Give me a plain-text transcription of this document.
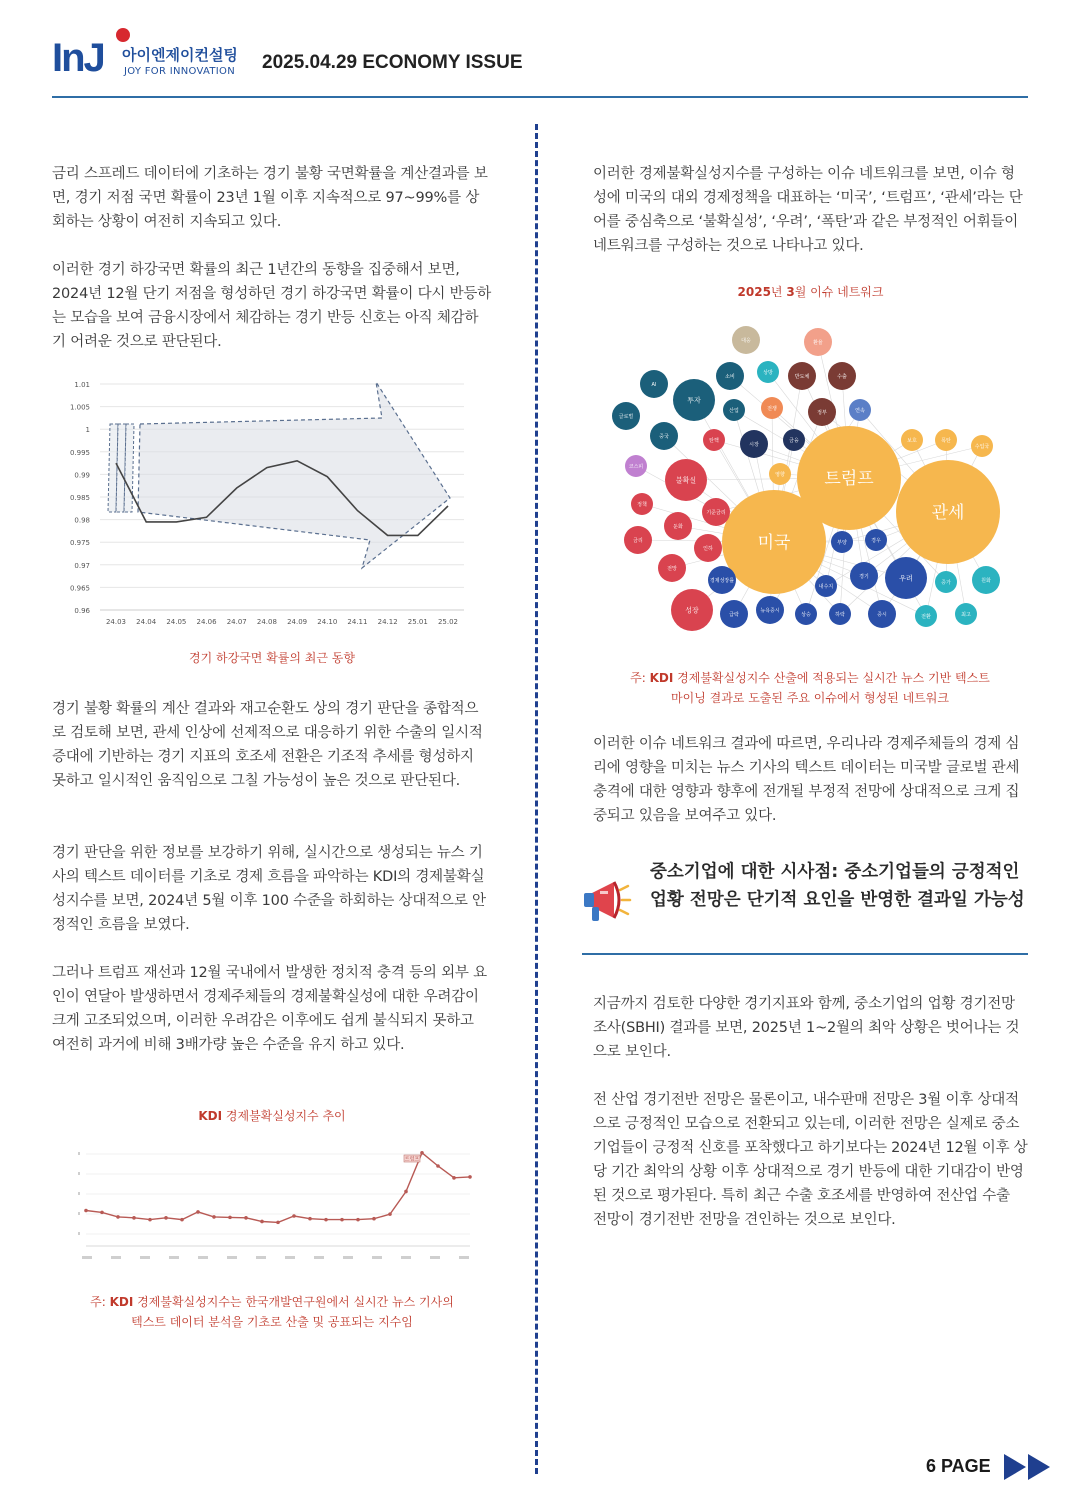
InJ 아이엔제이컨설팅
JOY FOR INNOVATION 2025.04.29 ECONOMY ISSUE
금리 스프레드 데이터에 기초하는 경기 불황 국면확률을 계산결과를 보면, 경기 저점 국면 확률이 23년 1월 이후 지속적으로 97~99%를 상회하는 상황이 여전히 지속되고 있다.
이러한 경기 하강국면 확률의 최근 1년간의 동향을 집중해서 보면, 2024년 12월 단기 저점을 형성하던 경기 하강국면 확률이 다시 반등하는 모습을 보여 금융시장에서 체감하는 경기 반등 신호는 아직 체감하기 어려운 것으로 판단된다.
1.01
1.005
1
0.995
0.99
0.985
0.98
0.975
0.97
0.965
0.96
24.03 24.04 24.05 24.06 24.07 24.08 24.09 24.10 24.11 24.12 25.01 25.02
경기 하강국면 확률의 최근 동향
경기 불황 확률의 계산 결과와 재고순환도 상의 경기 판단을 종합적으로 검토해 보면, 관세 인상에 선제적으로 대응하기 위한 수출의 일시적 증대에 기반하는 경기 지표의 호조세 전환은 기조적 추세를 형성하지 못하고 일시적인 움직임으로 그칠 가능성이 높은 것으로 판단된다.
경기 판단을 위한 정보를 보강하기 위해, 실시간으로 생성되는 뉴스 기사의 텍스트 데이터를 기초로 경제 흐름을 파악하는 KDI의 경제불확실성지수를 보면, 2024년 5월 이후 100 수준을 하회하는 상대적으로 안정적인 흐름을 보였다.
그러나 트럼프 재선과 12월 국내에서 발생한 정치적 충격 등의 외부 요인이 연달아 발생하면서 경제주체들의 경제불확실성에 대한 우려감이 크게 고조되었으며, 이러한 우려감은 이후에도 쉽게 불식되지 못하고 여전히 과거에 비해 3배가량 높은 수준을 유지 하고 있다.
KDI 경제불확실성지수 추이
트럼프
주: KDI 경제불확실성지수는 한국개발연구원에서 실시간 뉴스 기사의
텍스트 데이터 분석을 기초로 산출 및 공표되는 지수임
이러한 경제불확실성지수를 구성하는 이슈 네트워크를 보면, 이슈 형성에 미국의 대외 경제정책을 대표하는 ‘미국’, ‘트럼프’, ‘관세’라는 단어를 중심축으로 ‘불확실성’, ‘우려’, ‘폭탄’과 같은 부정적인 어휘들이 네트워크를 구성하는 것으로 나타나고 있다.
2025년 3월 이슈 네트워크
대응	환율
소비
상방
반도체	수출
AI
투자
산업	전쟁
정부	연속
글로벌
중국
탄핵
시장
금융
트럼프
보호	폭탄
미국
관세
코스피
불확실
영향
수입국
정책
기준금리
금리
둔화
인하
부양	경우
전망
경제성장률
내수지
경기	우려
증가	원화
성장
급락
뉴욕증시
상승	하락	증시	전환	최고
주: KDI 경제불확실성지수 산출에 적용되는 실시간 뉴스 기반 텍스트
마이닝 결과로 도출된 주요 이슈에서 형성된 네트워크
이러한 이슈 네트워크 결과에 따르면, 우리나라 경제주체들의 경제 심리에 영향을 미치는 뉴스 기사의 텍스트 데이터는 미국발 글로벌 관세 충격에 대한 영향과 향후에 전개될 부정적 전망에 상대적으로 크게 집중되고 있음을 보여주고 있다.
중소기업에 대한 시사점: 중소기업들의 긍정적인 업황 전망은 단기적 요인을 반영한 결과일 가능성
지금까지 검토한 다양한 경기지표와 함께, 중소기업의 업황 경기전망 조사(SBHI) 결과를 보면, 2025년 1~2월의 최악 상황은 벗어나는 것으로 보인다.
전 산업 경기전반 전망은 물론이고, 내수판매 전망은 3월 이후 상대적으로 긍정적인 모습으로 전환되고 있는데, 이러한 전망은 실제로 중소기업들이 긍정적 신호를 포착했다고 하기보다는 2024년 12월 이후 상당 기간 최악의 상황 이후 상대적으로 경기 반등에 대한 기대감이 반영된 것으로 평가된다. 특히 최근 수출 호조세를 반영하여 전산업 수출 전망이 경기전반 전망을 견인하는 것으로 보인다.
6 PAGE
